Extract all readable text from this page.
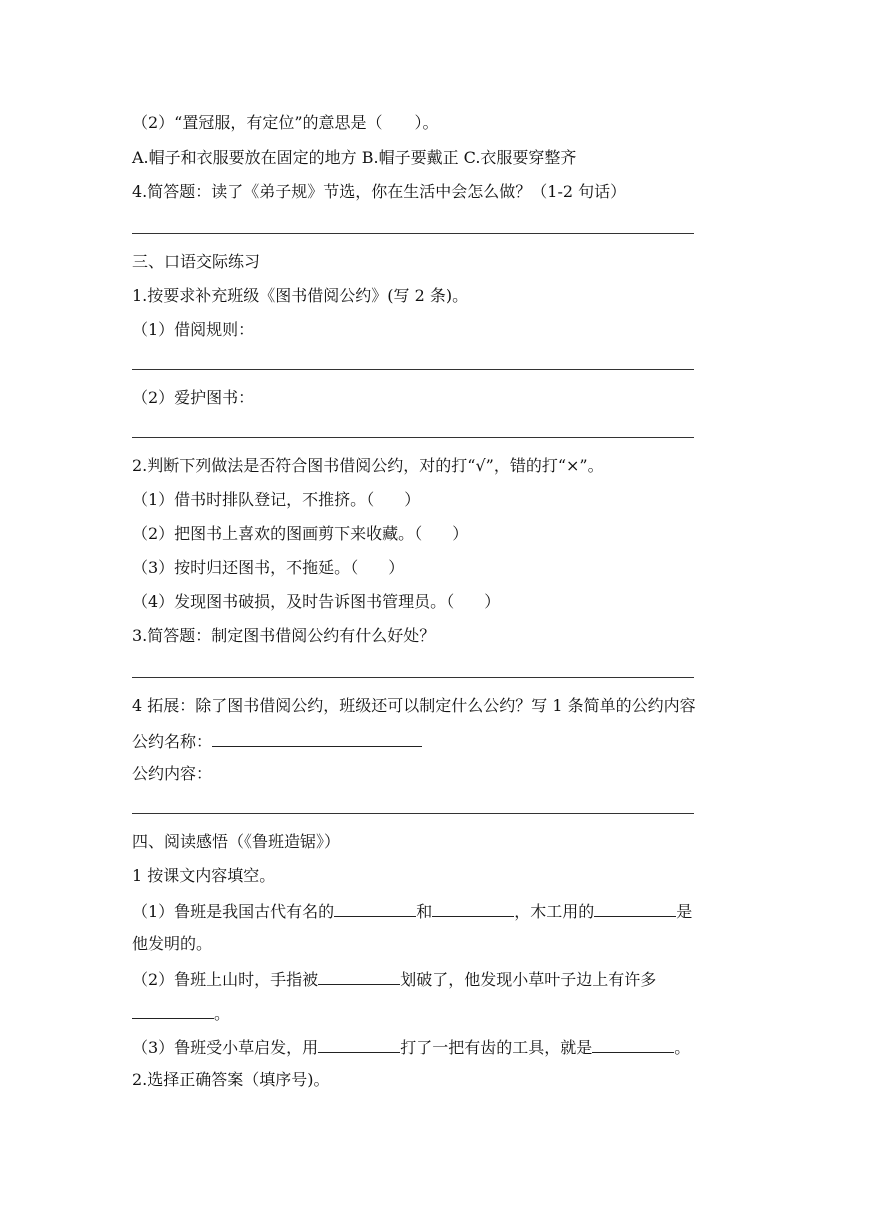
（2）“置冠服，有定位”的意思是（　　）。
A.帽子和衣服要放在固定的地方 B.帽子要戴正 C.衣服要穿整齐
4.简答题：读了《弟子规》节选，你在生活中会怎么做？（1-2 句话）
三、口语交际练习
1.按要求补充班级《图书借阅公约》(写 2 条)。
（1）借阅规则：
（2）爱护图书：
2.判断下列做法是否符合图书借阅公约，对的打“√”，错的打“×”。
（1）借书时排队登记，不推挤。（ ）
（2）把图书上喜欢的图画剪下来收藏。（ ）
（3）按时归还图书，不拖延。（ ）
（4）发现图书破损，及时告诉图书管理员。（ ）
3.简答题：制定图书借阅公约有什么好处？
4 拓展：除了图书借阅公约，班级还可以制定什么公约？写 1 条简单的公约内容
公约名称：
公约内容：
四、阅读感悟（《鲁班造锯》）
1 按课文内容填空。
（1）鲁班是我国古代有名的	和	，木工用的	是
他发明的。
（2）鲁班上山时，手指被	划破了，他发现小草叶子边上有许多
。
（3）鲁班受小草启发，用	打了一把有齿的工具，就是	。
2.选择正确答案（填序号)。
